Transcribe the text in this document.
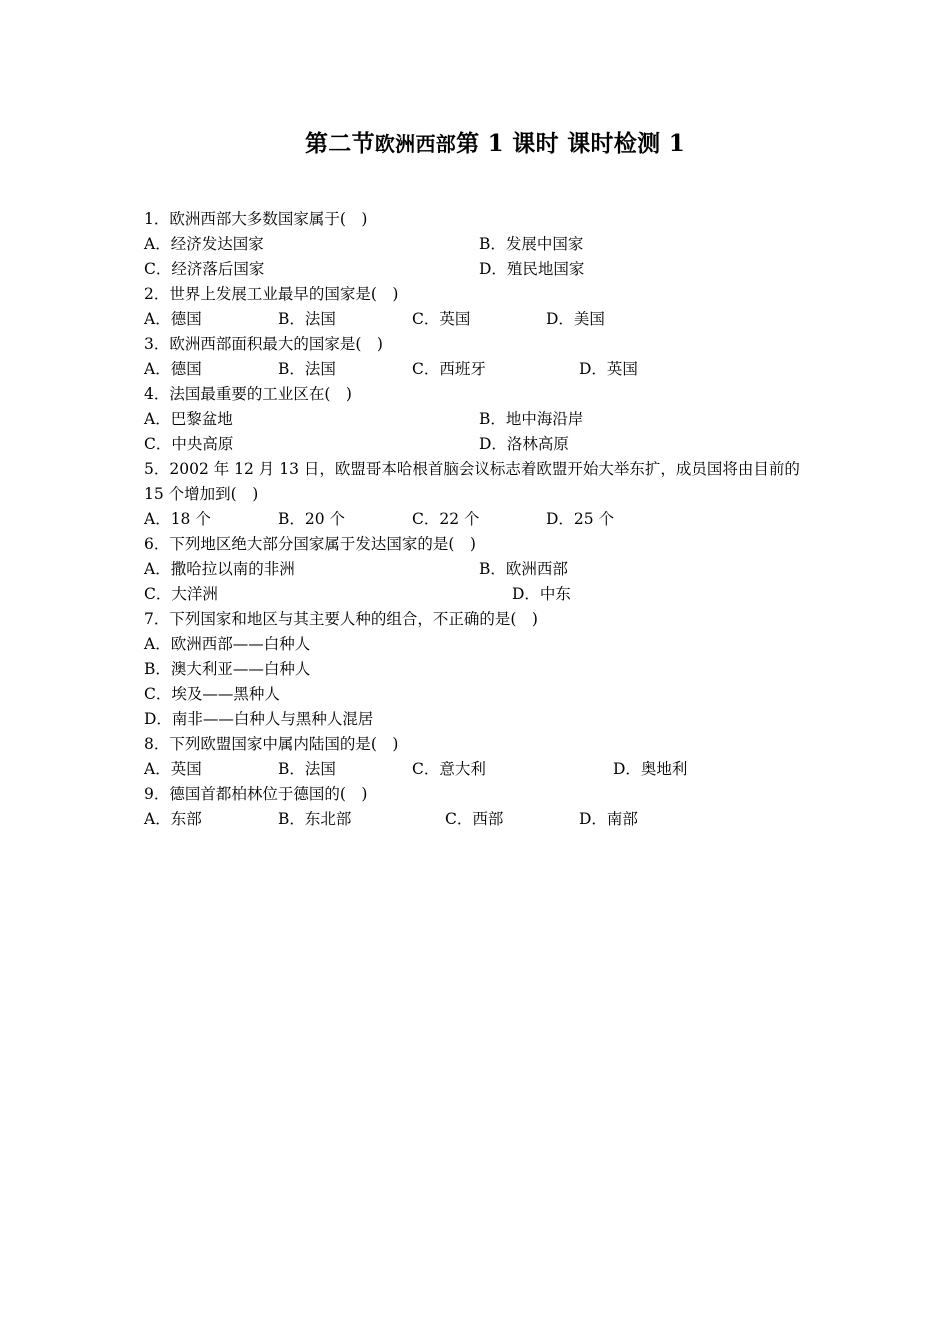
第二节欧洲西部第 1 课时 课时检测 1
1．欧洲西部大多数国家属于(　)
A．经济发达国家	B．发展中国家
C．经济落后国家	D．殖民地国家
2．世界上发展工业最早的国家是(　)
A．德国	B．法国	C．英国	D．美国
3．欧洲西部面积最大的国家是(　)
A．德国	B．法国	C．西班牙	D．英国
4．法国最重要的工业区在(　)
A．巴黎盆地	B．地中海沿岸
C．中央高原	D．洛林高原
5．2002 年 12 月 13 日，欧盟哥本哈根首脑会议标志着欧盟开始大举东扩，成员国将由目前的 15 个增加到(　)
A．18 个	B．20 个	C．22 个	D．25 个
6．下列地区绝大部分国家属于发达国家的是(　)
A．撒哈拉以南的非洲	B．欧洲西部
C．大洋洲	D．中东
7．下列国家和地区与其主要人种的组合，不正确的是(　)
A．欧洲西部——白种人
B．澳大利亚——白种人
C．埃及——黑种人
D．南非——白种人与黑种人混居
8．下列欧盟国家中属内陆国的是(　)
A．英国	B．法国	C．意大利	D．奥地利
9．德国首都柏林位于德国的(　)
A．东部	B．东北部	C．西部	D．南部
